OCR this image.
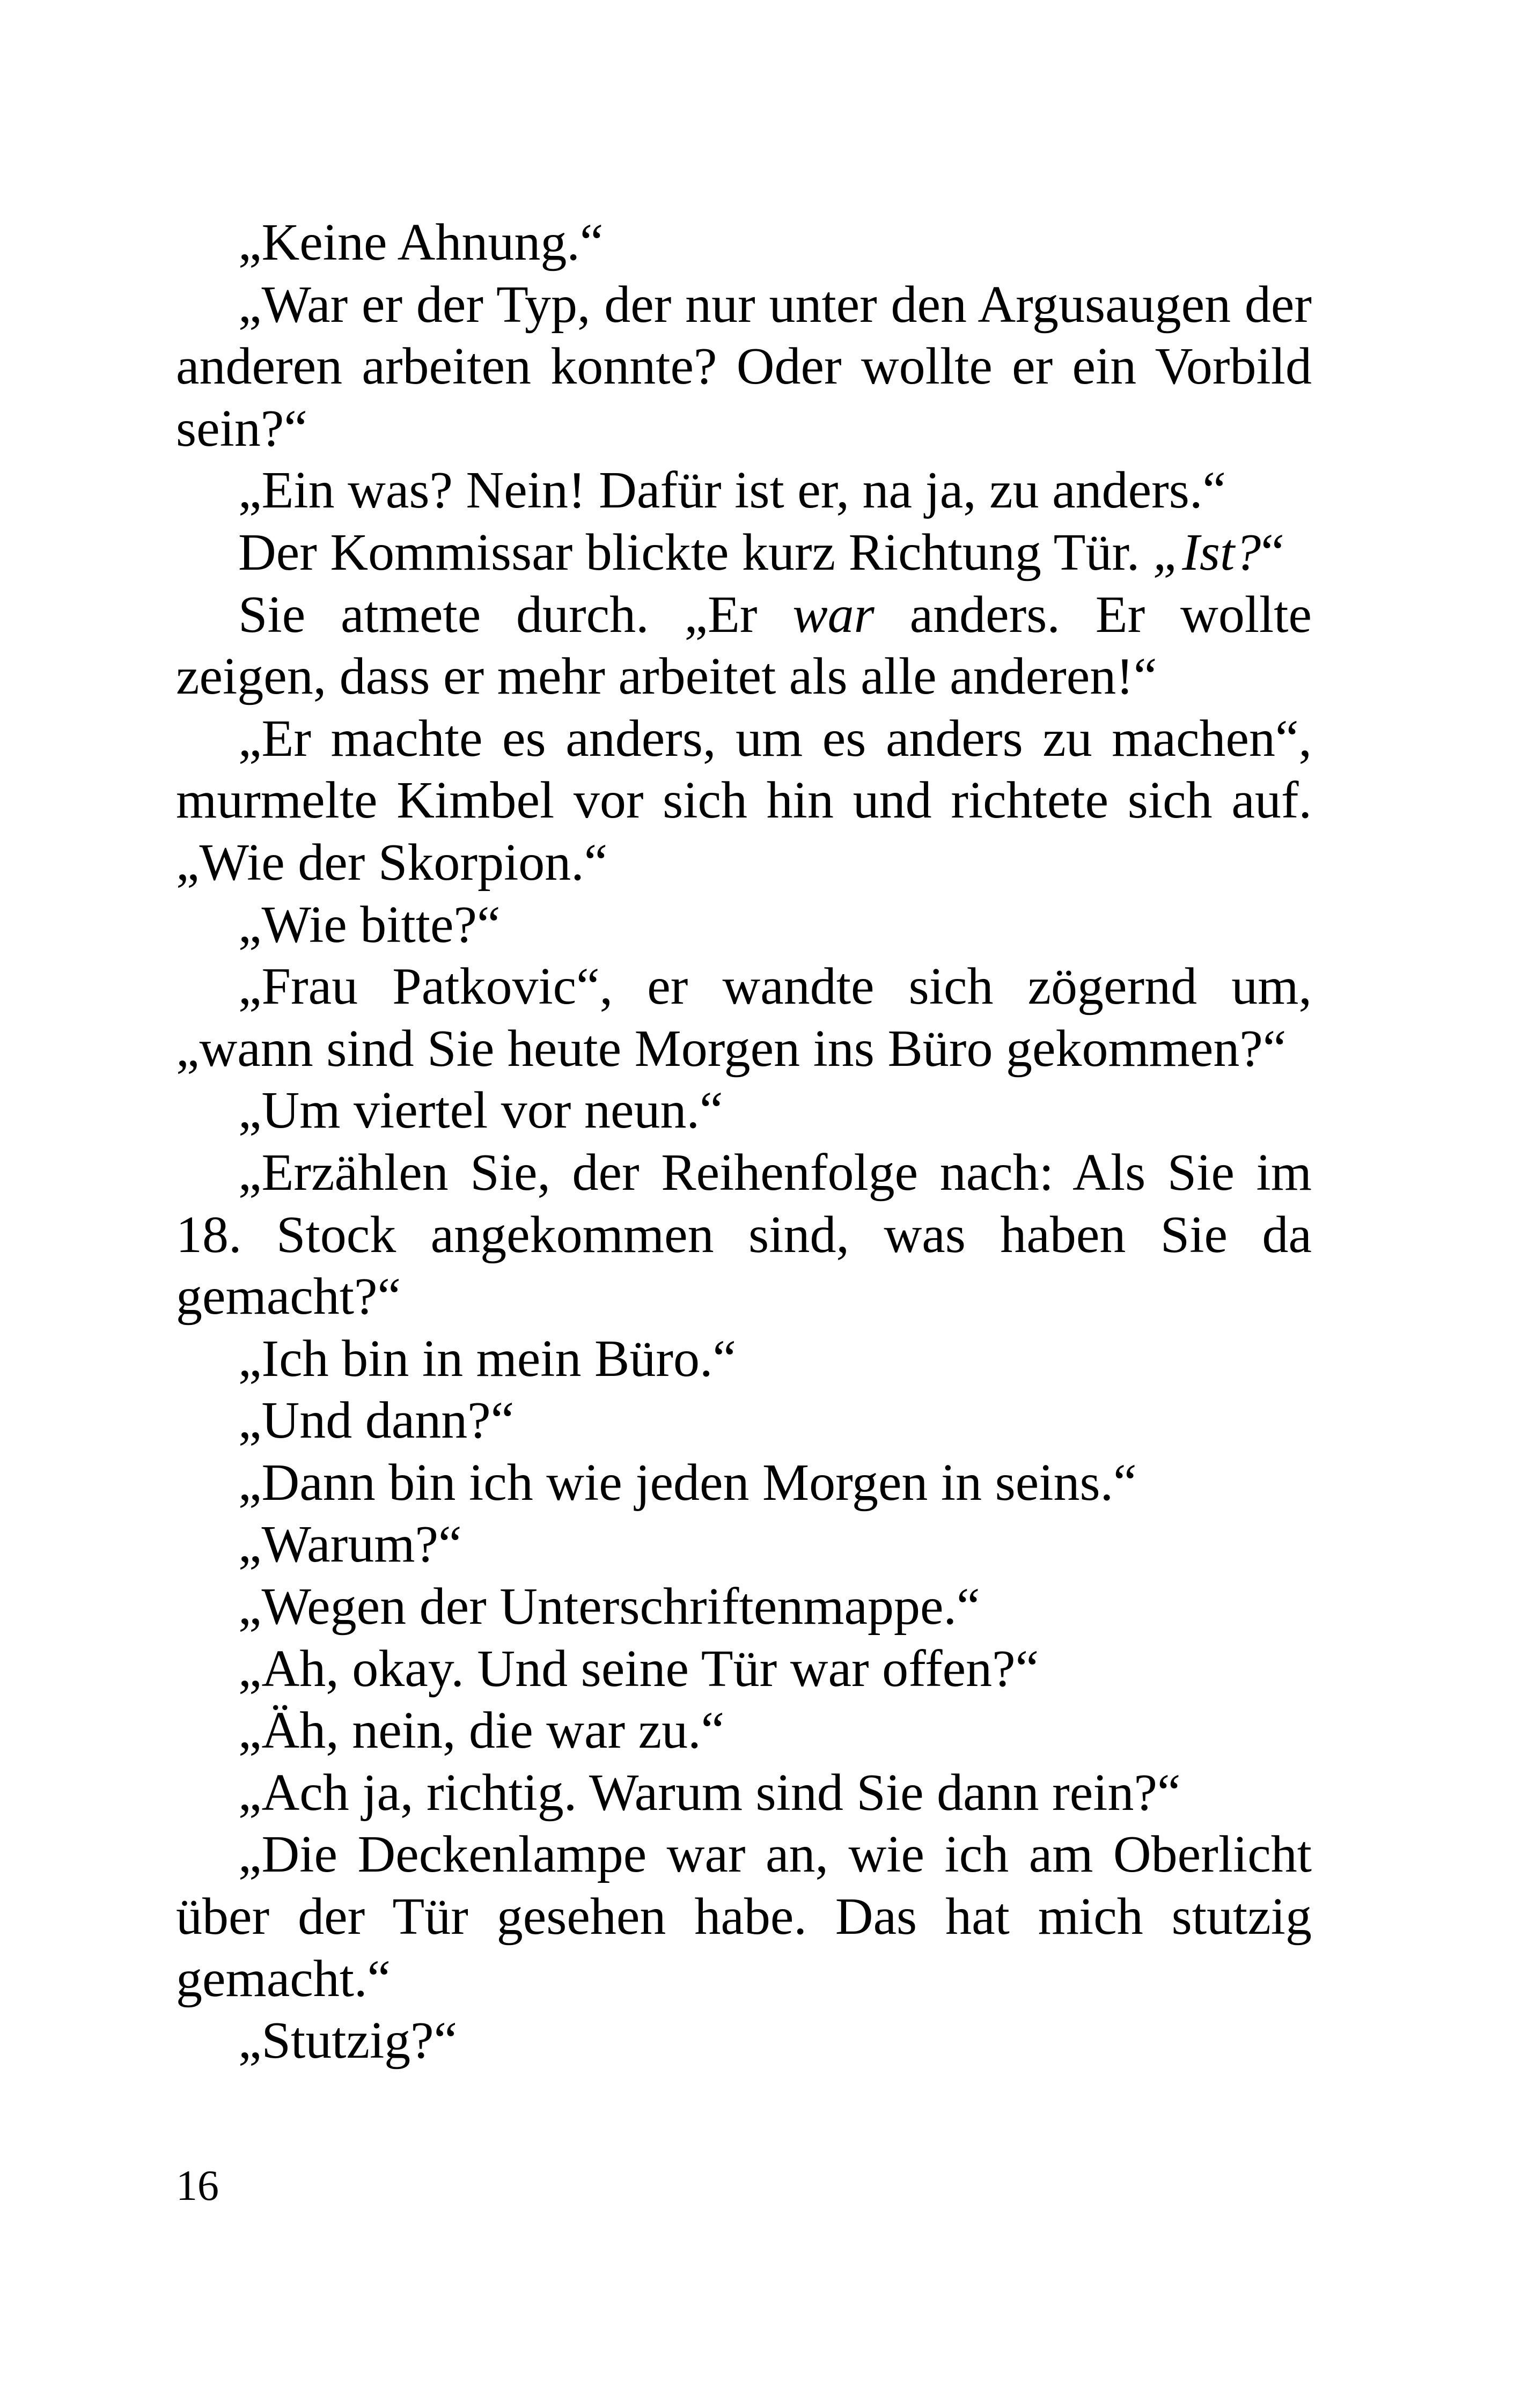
„Keine Ahnung.“

„War er der Typ, der nur unter den Argusaugen der anderen arbeiten konnte? Oder wollte er ein Vorbild sein?“

„Ein was? Nein! Dafür ist er, na ja, zu anders.“

Der Kommissar blickte kurz Richtung Tür. „Ist?“

Sie atmete durch. „Er war anders. Er wollte zeigen, dass er mehr arbeitet als alle anderen!“

„Er machte es anders, um es anders zu machen“, murmelte Kimbel vor sich hin und richtete sich auf. „Wie der Skorpion.“

„Wie bitte?“

„Frau Patkovic“, er wandte sich zögernd um, „wann sind Sie heute Morgen ins Büro gekommen?“

„Um viertel vor neun.“

„Erzählen Sie, der Reihenfolge nach: Als Sie im 18. Stock angekommen sind, was haben Sie da gemacht?“

„Ich bin in mein Büro.“

„Und dann?“

„Dann bin ich wie jeden Morgen in seins.“

„Warum?“

„Wegen der Unterschriftenmappe.“

„Ah, okay. Und seine Tür war offen?“

„Äh, nein, die war zu.“

„Ach ja, richtig. Warum sind Sie dann rein?“

„Die Deckenlampe war an, wie ich am Oberlicht über der Tür gesehen habe. Das hat mich stutzig gemacht.“

„Stutzig?“

16
